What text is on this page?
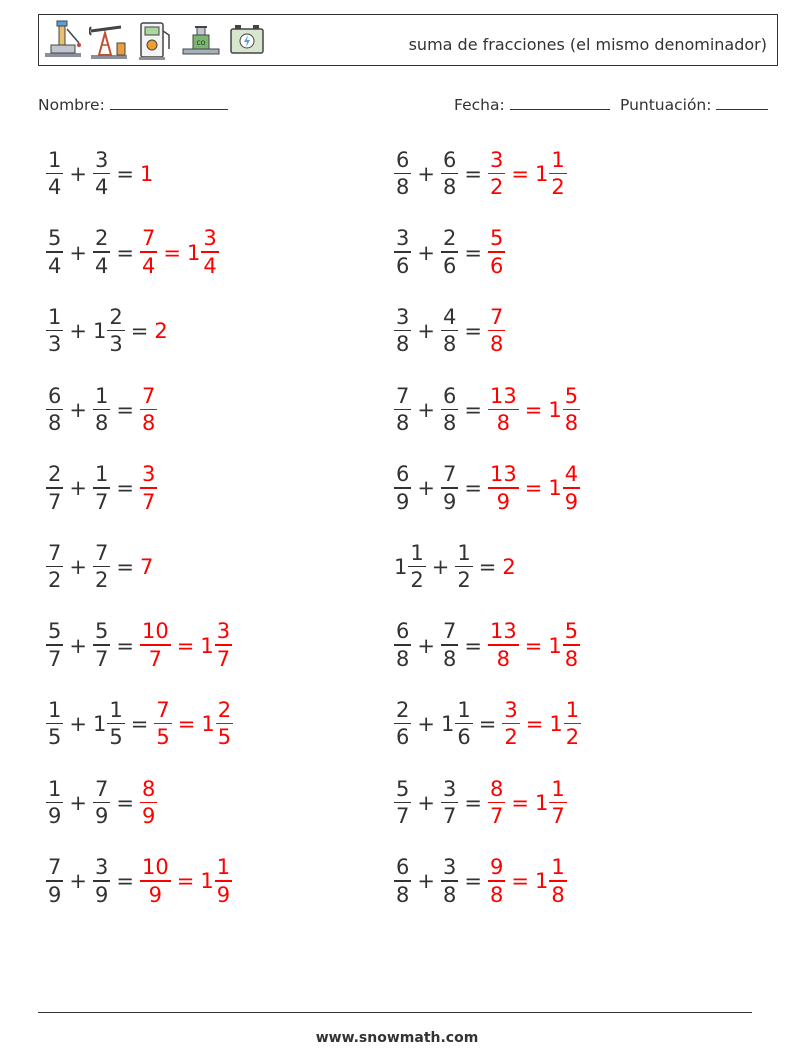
CO	suma de fracciones (el mismo denominador)
Nombre:	Fecha:	Puntuación:
$\frac{1}{4} + \frac{3}{4} = 1$	$\frac{6}{8} + \frac{6}{8} = \frac{3}{2} = 1 \frac{1}{2}$
$\frac{5}{4} + \frac{2}{4} = \frac{7}{4} = 1 \frac{3}{4}$	$\frac{3}{6} + \frac{2}{6} = \frac{5}{6}$
$\frac{1}{3} + 1 \frac{2}{3} = 2$	$\frac{3}{8} + \frac{4}{8} = \frac{7}{8}$
$\frac{6}{8} + \frac{1}{8} = \frac{7}{8}$	$\frac{7}{8} + \frac{6}{8} = \frac{13}{8} = 1 \frac{5}{8}$
$\frac{2}{7} + \frac{1}{7} = \frac{3}{7}$	$\frac{6}{9} + \frac{7}{9} = \frac{13}{9} = 1 \frac{4}{9}$
$\frac{7}{2} + \frac{7}{2} = 7$	$1 \frac{1}{2} + \frac{1}{2} = 2$
$\frac{5}{7} + \frac{5}{7} = \frac{10}{7} = 1 \frac{3}{7}$	$\frac{6}{8} + \frac{7}{8} = \frac{13}{8} = 1 \frac{5}{8}$
$\frac{1}{5} + 1 \frac{1}{5} = \frac{7}{5} = 1 \frac{2}{5}$	$\frac{2}{6} + 1 \frac{1}{6} = \frac{3}{2} = 1 \frac{1}{2}$
$\frac{1}{9} + \frac{7}{9} = \frac{8}{9}$	$\frac{5}{7} + \frac{3}{7} = \frac{8}{7} = 1 \frac{1}{7}$
$\frac{7}{9} + \frac{3}{9} = \frac{10}{9} = 1 \frac{1}{9}$	$\frac{6}{8} + \frac{3}{8} = \frac{9}{8} = 1 \frac{1}{8}$
www.snowmath.com
